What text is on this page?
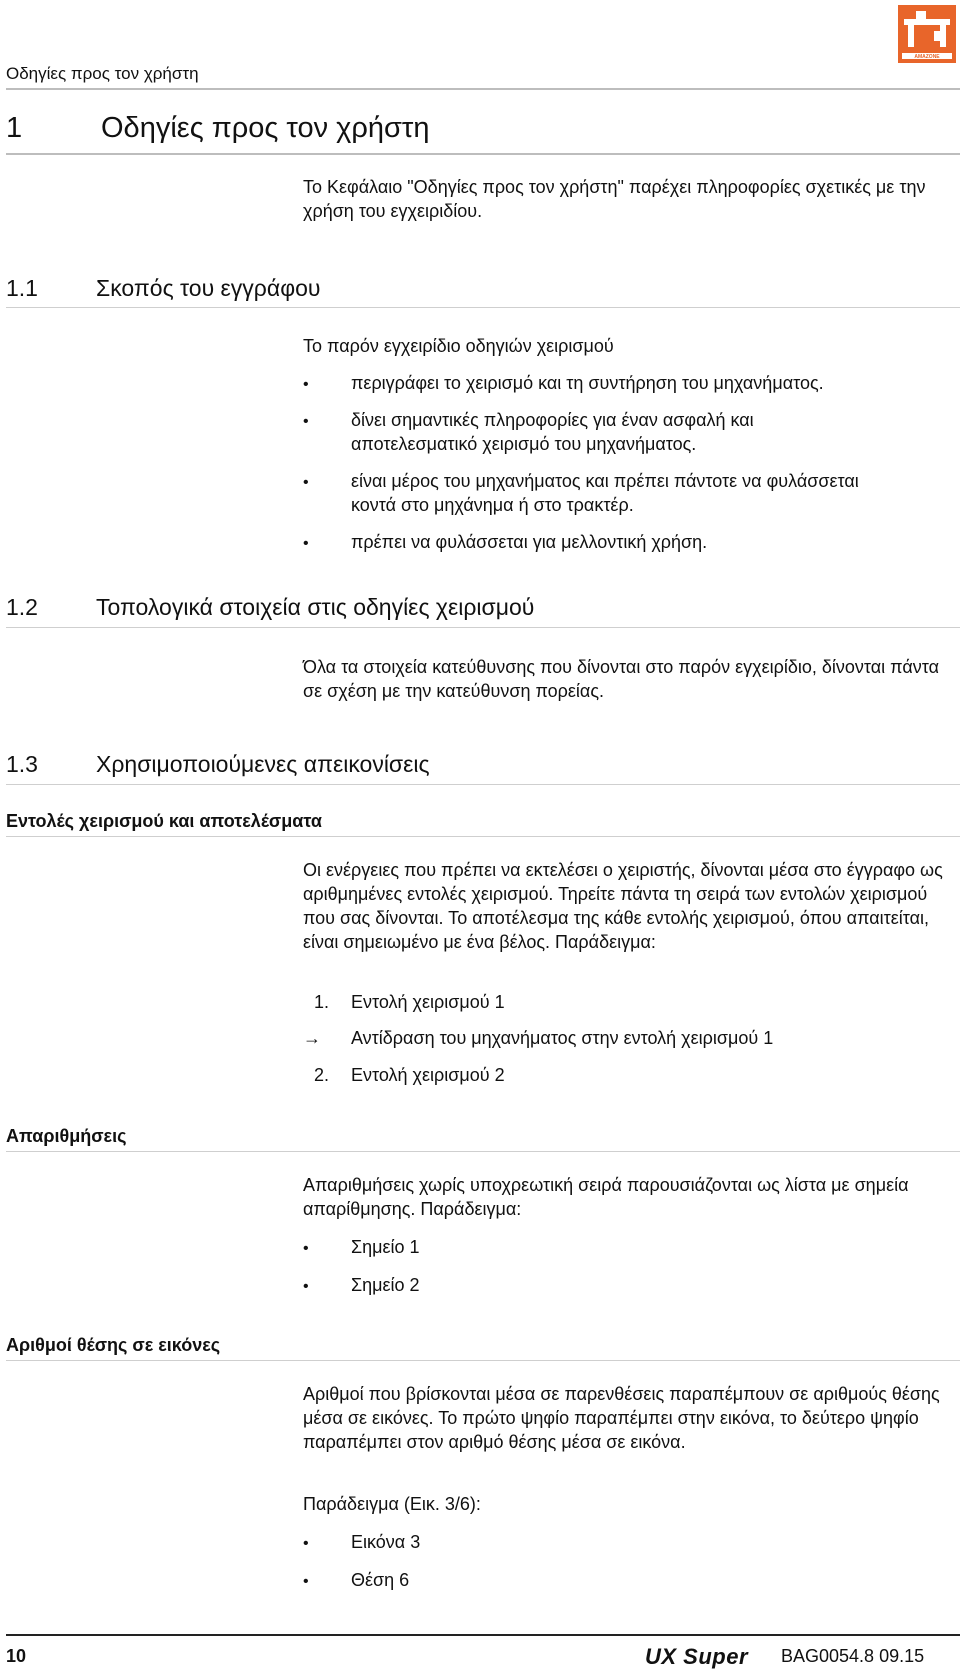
Οδηγίες προς τον χρήστη
AMAZONE
1	Οδηγίες προς τον χρήστη
Το Κεφάλαιο "Οδηγίες προς τον χρήστη" παρέχει πληροφορίες σχετικές με την χρήση του εγχειριδίου.
1.1	Σκοπός του εγγράφου
Το παρόν εγχειρίδιο οδηγιών χειρισμού
•
περιγράφει το χειρισμό και τη συντήρηση του μηχανήματος.
•
δίνει σημαντικές πληροφορίες για έναν ασφαλή και
αποτελεσματικό χειρισμό του μηχανήματος.
•
είναι μέρος του μηχανήματος και πρέπει πάντοτε να φυλάσσεται
κοντά στο μηχάνημα ή στο τρακτέρ.
•
πρέπει να φυλάσσεται για μελλοντική χρήση.
1.2	Τοπολογικά στοιχεία στις οδηγίες χειρισμού
Όλα τα στοιχεία κατεύθυνσης που δίνονται στο παρόν εγχειρίδιο, δίνονται πάντα σε σχέση με την κατεύθυνση πορείας.
1.3	Χρησιμοποιούμενες απεικονίσεις
Εντολές χειρισμού και αποτελέσματα
Οι ενέργειες που πρέπει να εκτελέσει ο χειριστής, δίνονται μέσα στο έγγραφο ως αριθμημένες εντολές χειρισμού. Τηρείτε πάντα τη σειρά των εντολών χειρισμού που σας δίνονται. Το αποτέλεσμα της κάθε εντολής χειρισμού, όπου απαιτείται, είναι σημειωμένο με ένα βέλος. Παράδειγμα:
1. Εντολή χειρισμού 1
→ Αντίδραση του μηχανήματος στην εντολή χειρισμού 1
2. Εντολή χειρισμού 2
Απαριθμήσεις
Απαριθμήσεις χωρίς υποχρεωτική σειρά παρουσιάζονται ως λίστα με σημεία απαρίθμησης. Παράδειγμα:
•
Σημείο 1
•
Σημείο 2
Αριθμοί θέσης σε εικόνες
Αριθμοί που βρίσκονται μέσα σε παρενθέσεις παραπέμπουν σε αριθμούς θέσης μέσα σε εικόνες. Το πρώτο ψηφίο παραπέμπει στην εικόνα, το δεύτερο ψηφίο παραπέμπει στον αριθμό θέσης μέσα σε εικόνα.
Παράδειγμα (Εικ. 3/6):
•
Εικόνα 3
•
Θέση 6
10	UX Super BAG0054.8 09.15
